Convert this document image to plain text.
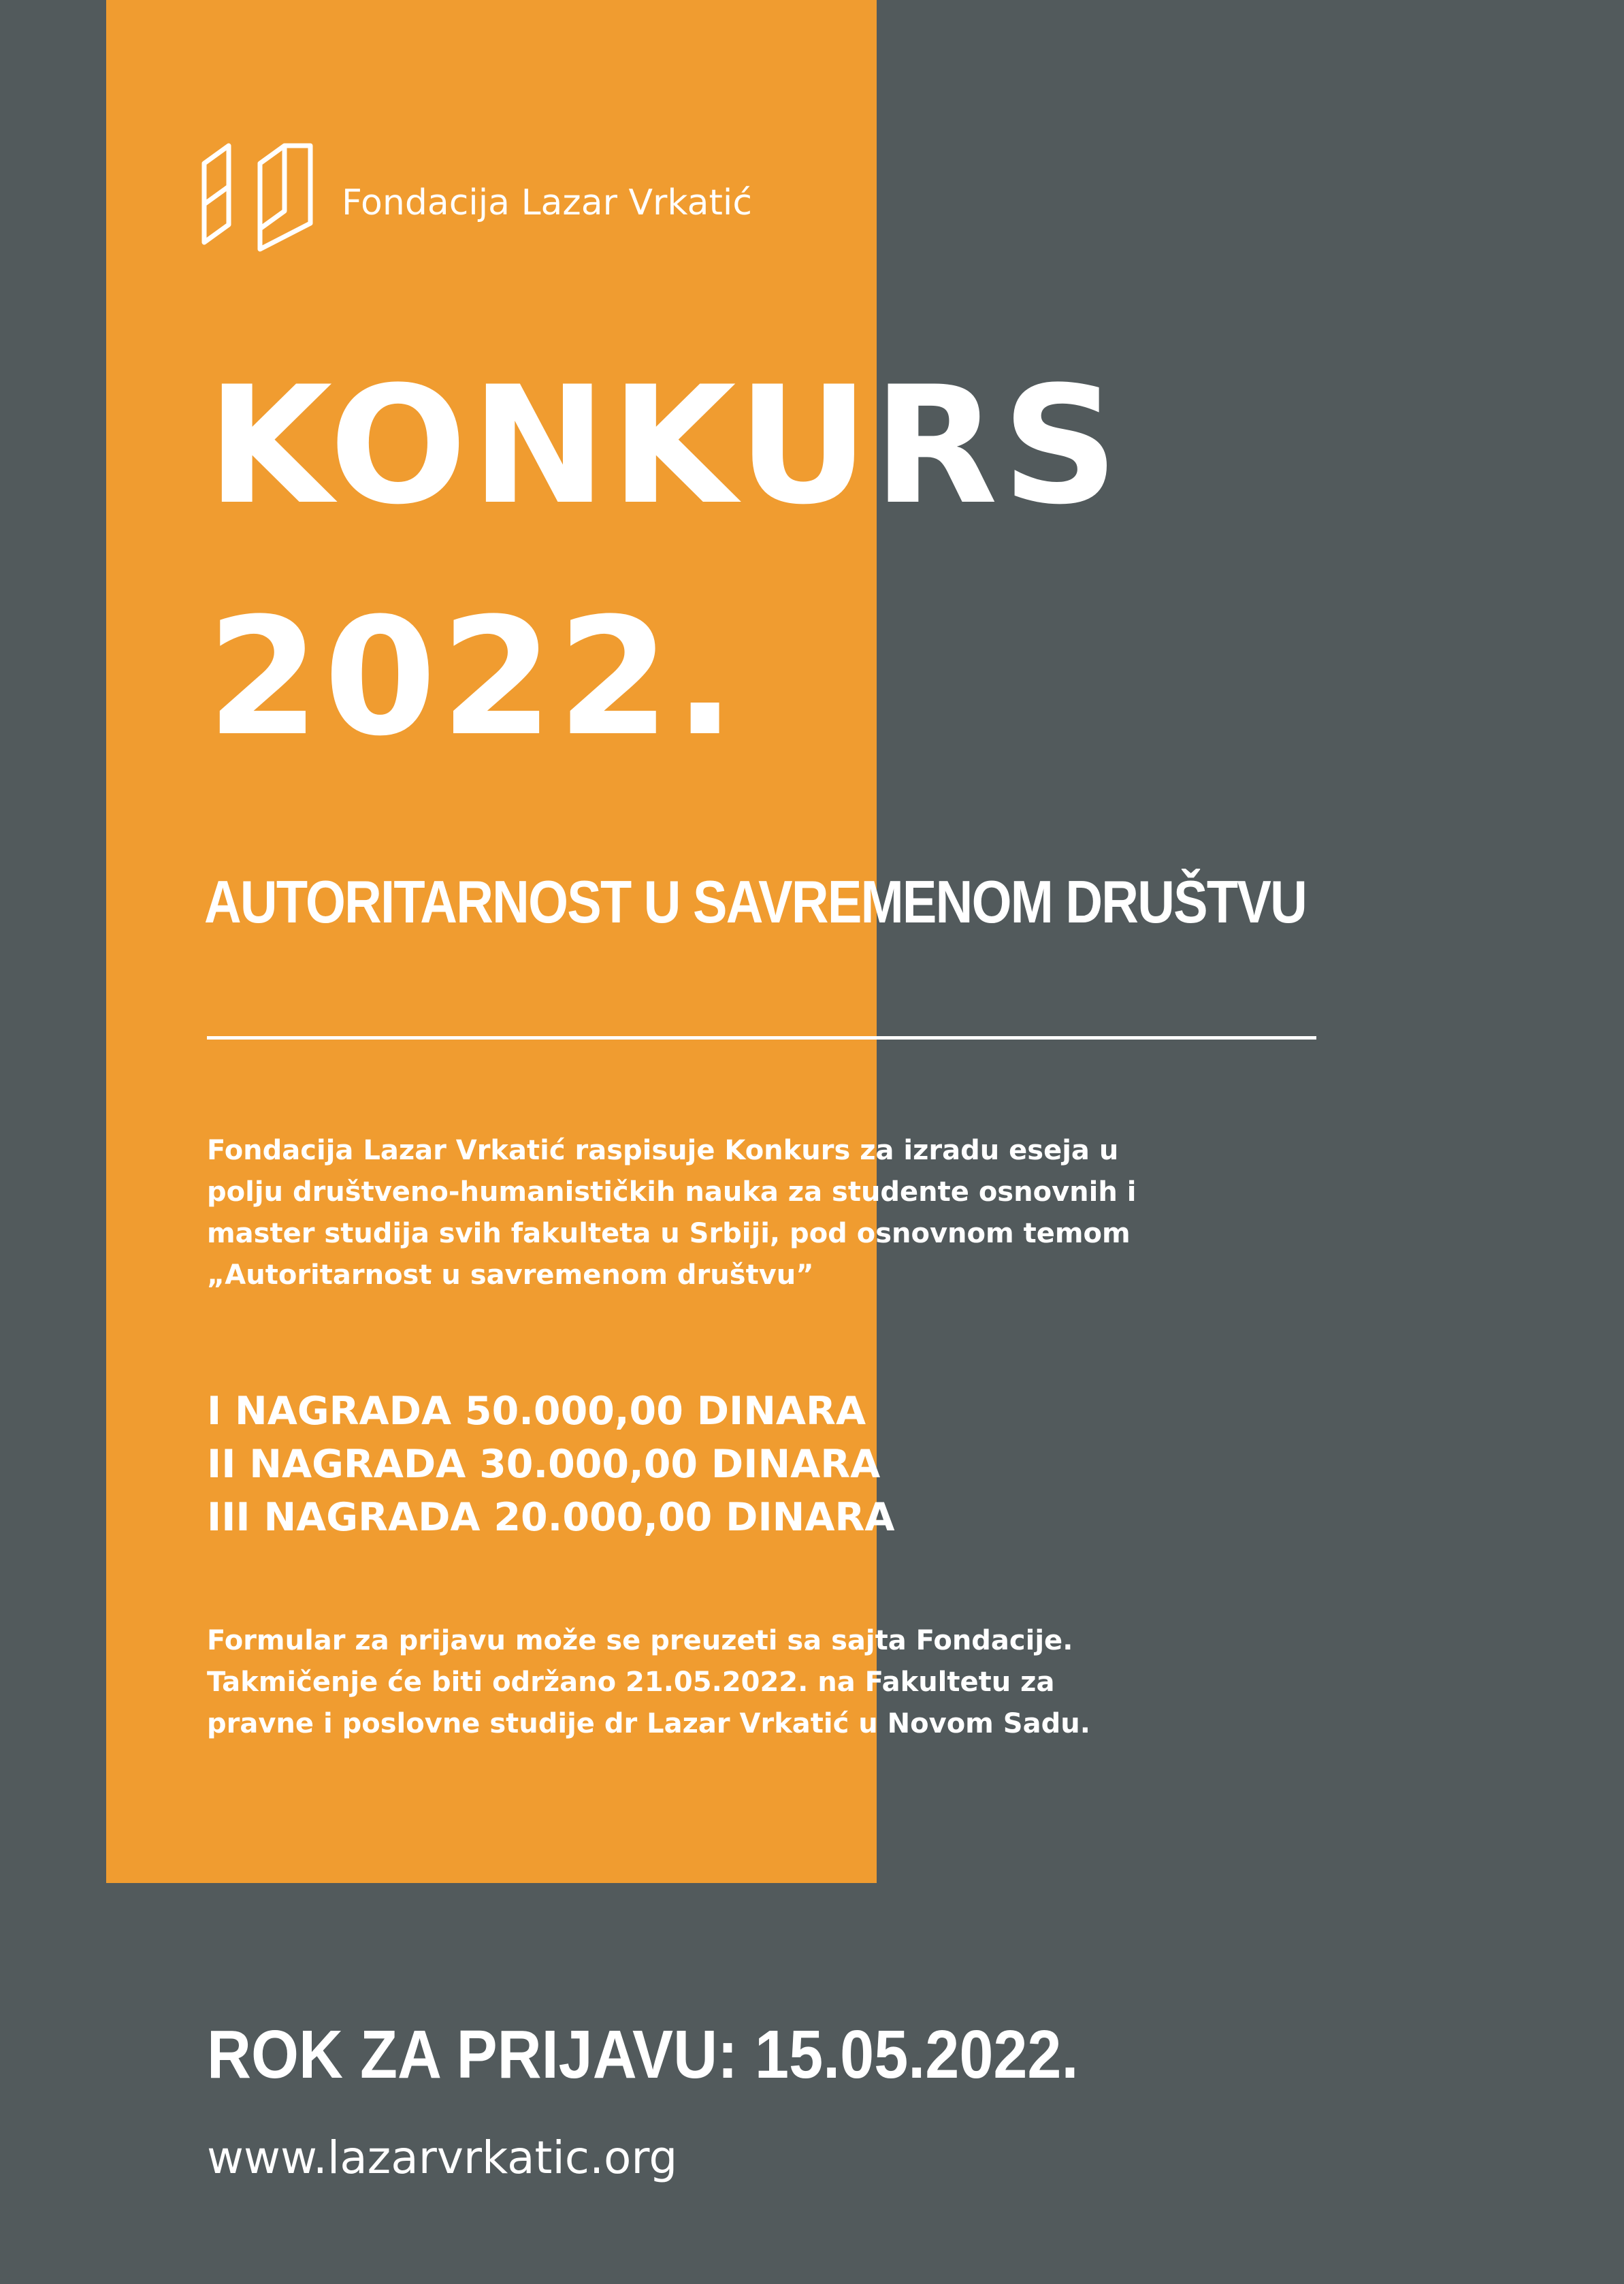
Fondacija Lazar Vrkatić
KONKURS
2022.
AUTORITARNOST U SAVREMENOM DRUŠTVU
Fondacija Lazar Vrkatić raspisuje Konkurs za izradu eseja u
polju društveno-humanističkih nauka za studente osnovnih i
master studija svih fakulteta u Srbiji, pod osnovnom temom
„Autoritarnost u savremenom društvu”
I NAGRADA 50.000,00 DINARA
II NAGRADA 30.000,00 DINARA
III NAGRADA 20.000,00 DINARA
Formular za prijavu može se preuzeti sa sajta Fondacije.
Takmičenje će biti održano 21.05.2022. na Fakultetu za
pravne i poslovne studije dr Lazar Vrkatić u Novom Sadu.
ROK ZA PRIJAVU: 15.05.2022.
www.lazarvrkatic.org
